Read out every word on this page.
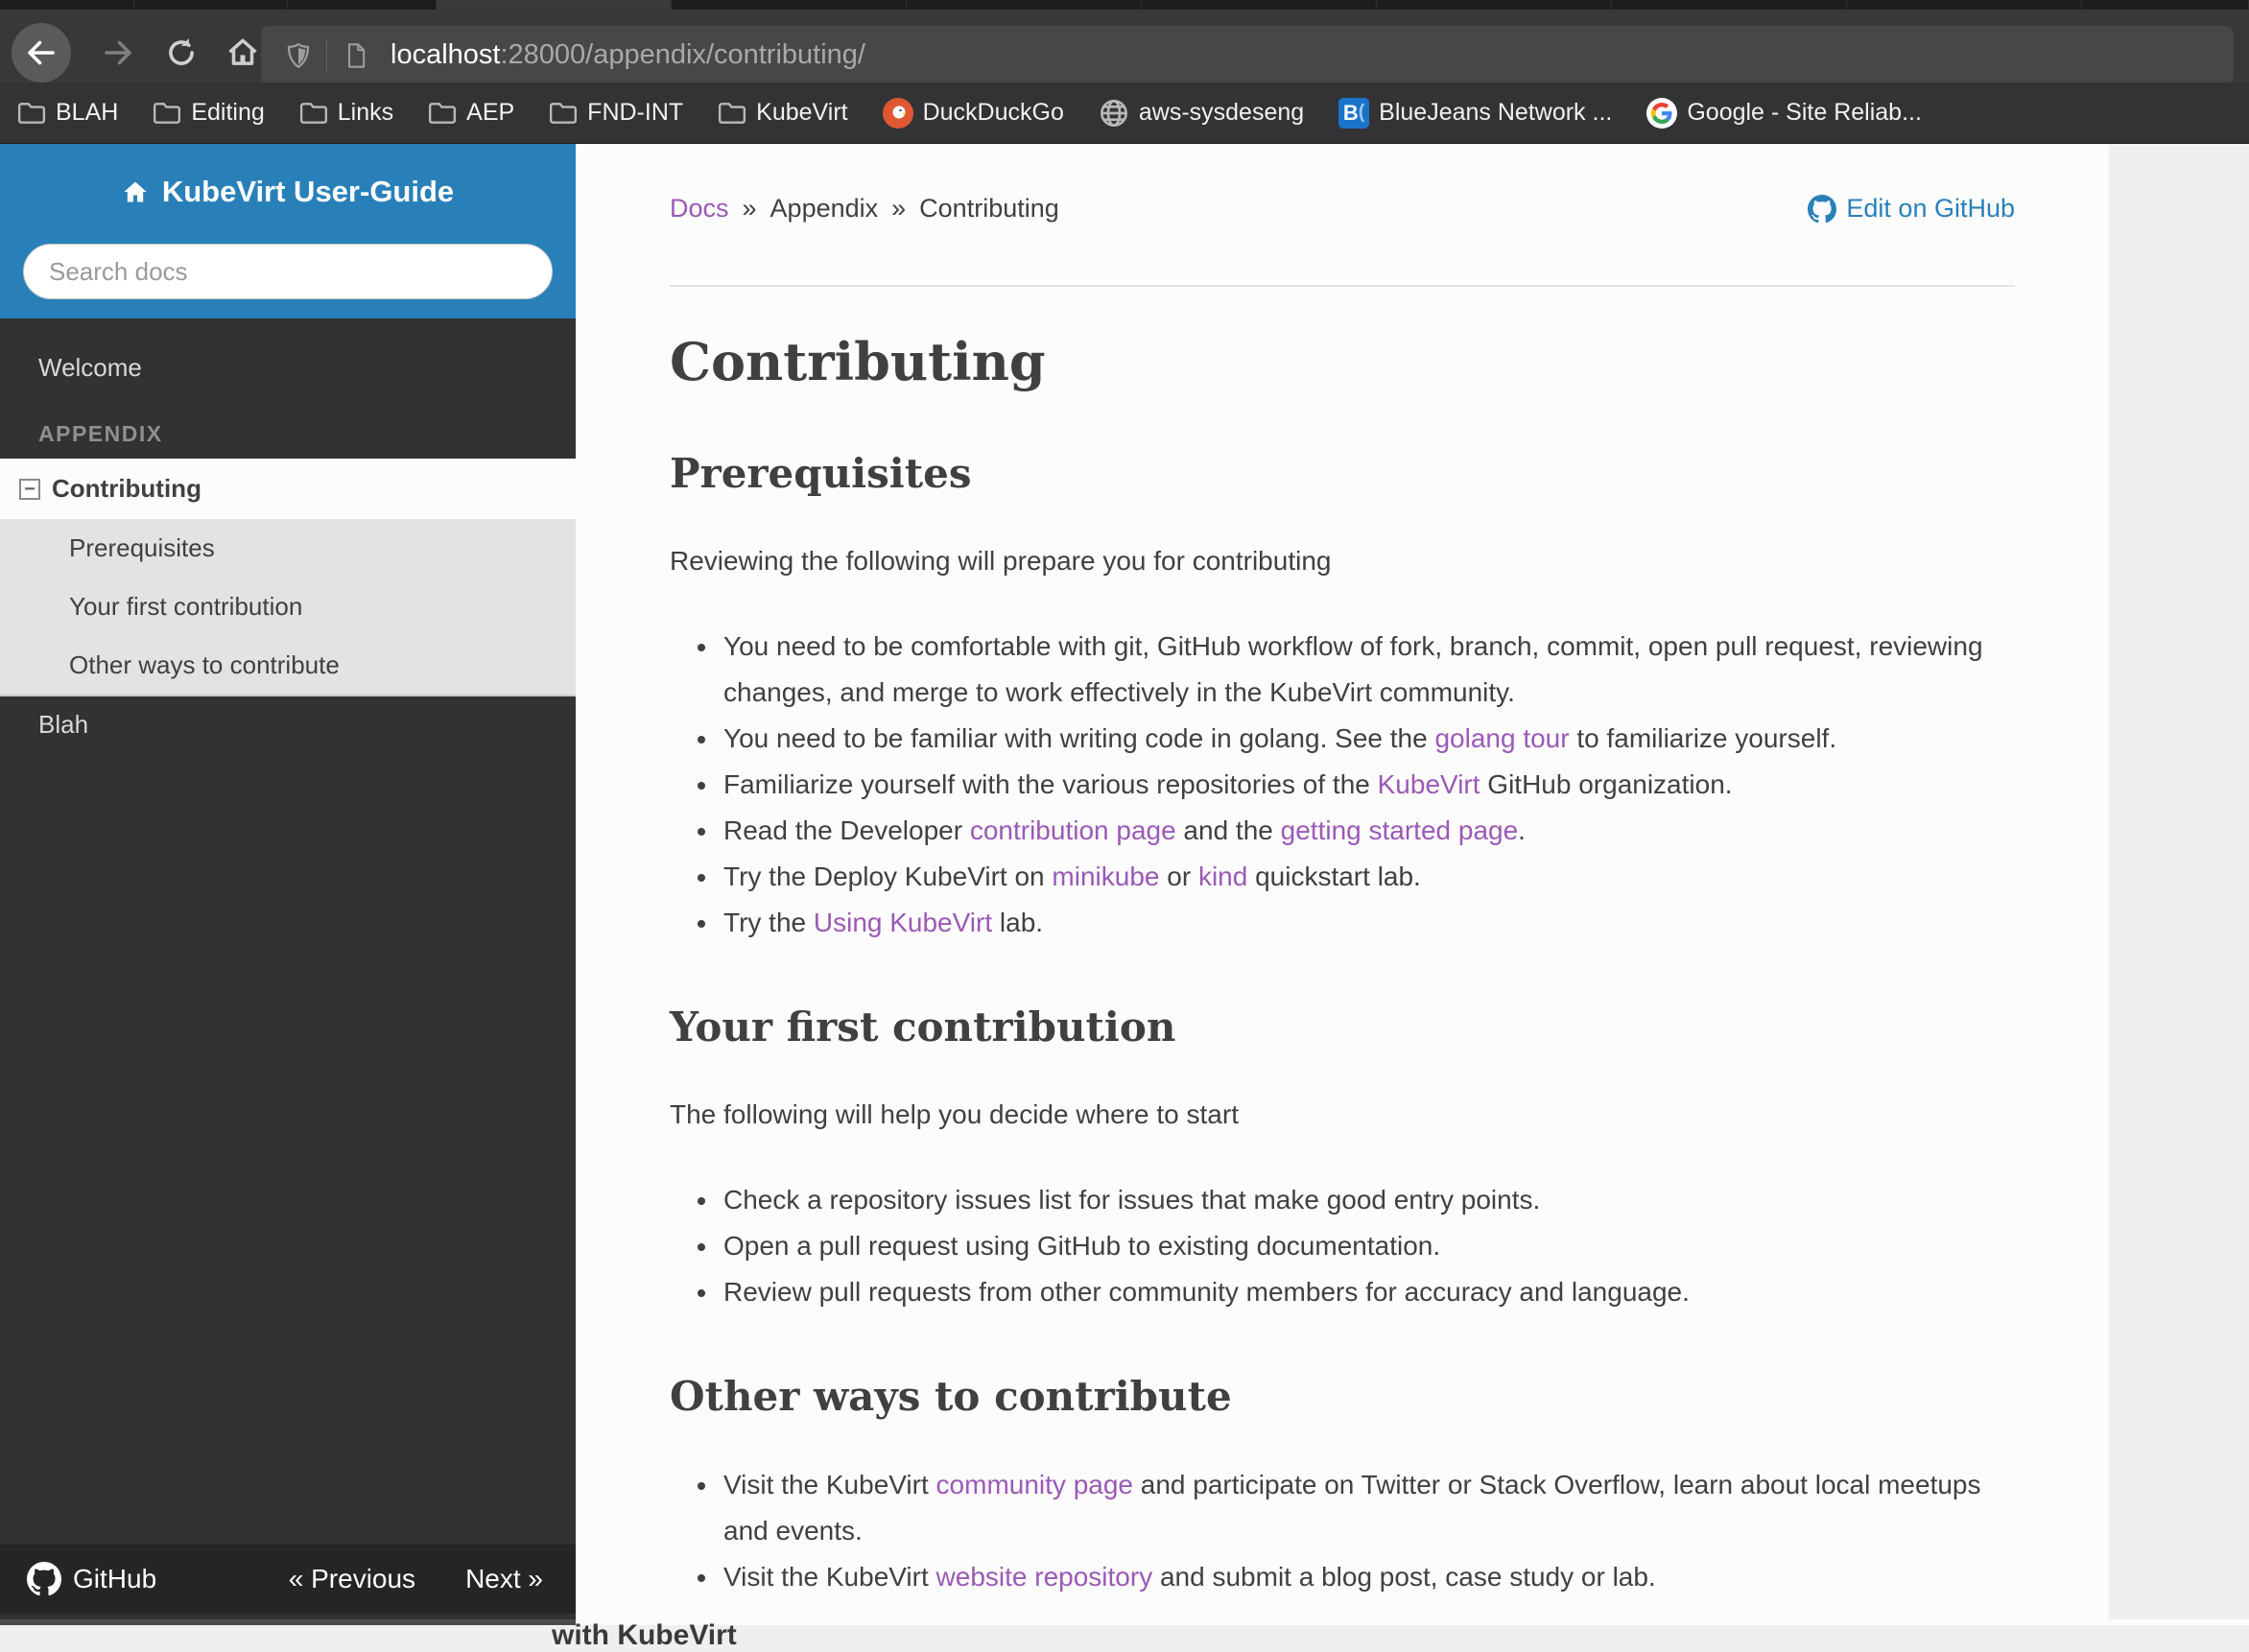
localhost:28000/appendix/contributing/
BLAH	Editing	Links	AEP	FND-INT	KubeVirt	DuckDuckGo	aws-sysdeseng B ( BlueJeans Network ...	Google - Site Reliab...
KubeVirt User-Guide
Search docs
Welcome
APPENDIX
− Contributing
Prerequisites
Your first contribution
Other ways to contribute
Blah
GitHub	« Previous Next »
Docs » Appendix » Contributing	Edit on GitHub
Contributing
Prerequisites

Reviewing the following will prepare you for contributing

• You need to be comfortable with git, GitHub workflow of fork, branch, commit, open pull request, reviewing changes, and merge to work effectively in the KubeVirt community.
• You need to be familiar with writing code in golang. See the golang tour to familiarize yourself.
• Familiarize yourself with the various repositories of the KubeVirt GitHub organization.
• Read the Developer contribution page and the getting started page.
• Try the Deploy KubeVirt on minikube or kind quickstart lab.
• Try the Using KubeVirt lab.
Your first contribution

The following will help you decide where to start

• Check a repository issues list for issues that make good entry points.
• Open a pull request using GitHub to existing documentation.
• Review pull requests from other community members for accuracy and language.
Other ways to contribute
• Visit the KubeVirt community page and participate on Twitter or Stack Overflow, learn about local meetups and events.
• Visit the KubeVirt website repository and submit a blog post, case study or lab.
with KubeVirt
